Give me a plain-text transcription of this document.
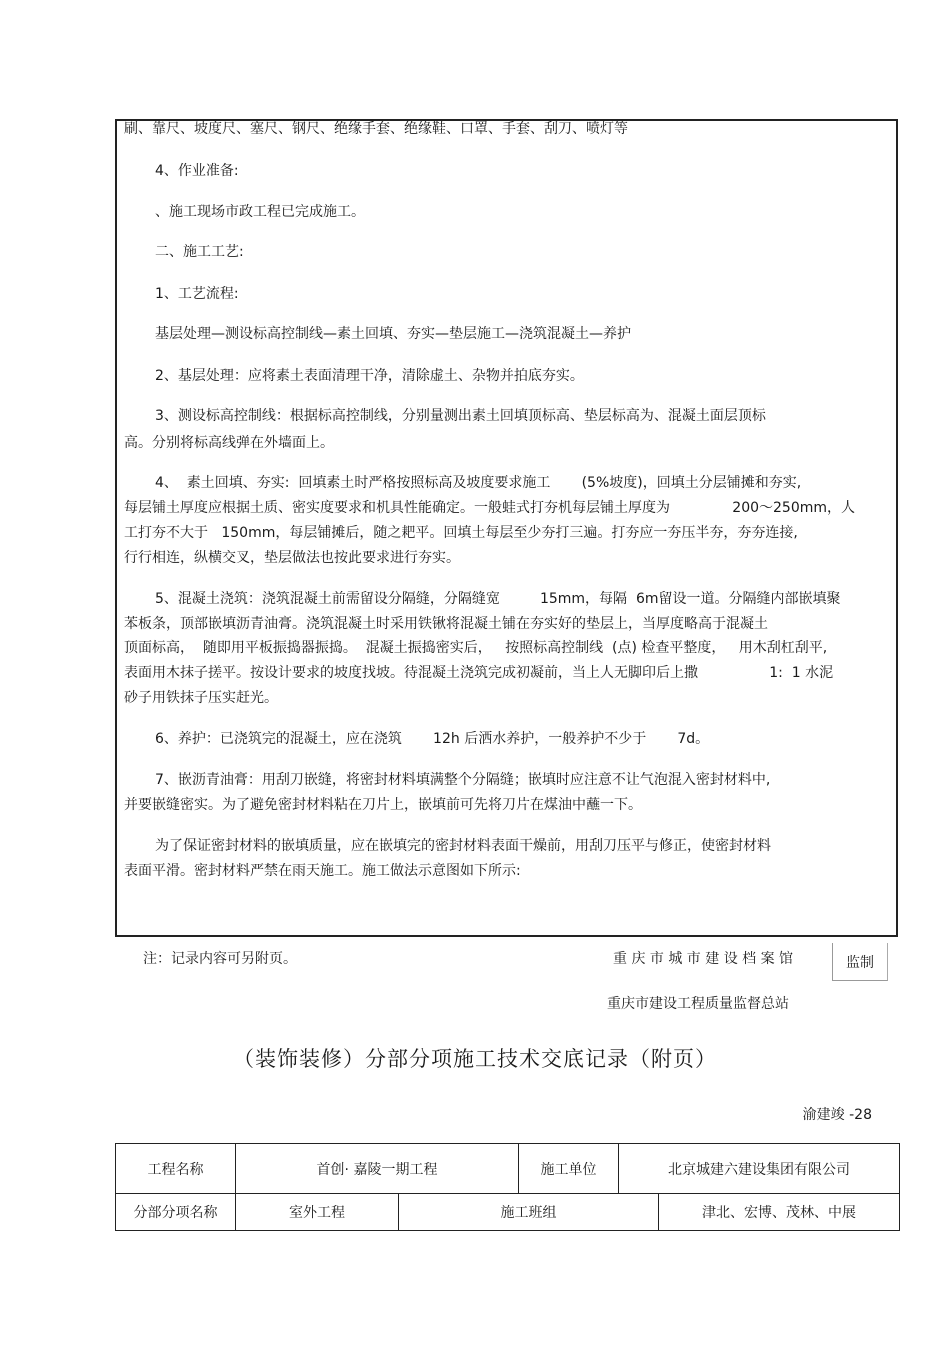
刷、靠尺、坡度尺、塞尺、钢尺、绝缘手套、绝缘鞋、口罩、手套、刮刀、喷灯等

4、作业准备:

、施工现场市政工程已完成施工。

二、施工工艺:

1、工艺流程:

基层处理—测设标高控制线—素土回填、夯实—垫层施工—浇筑混凝土—养护

2、基层处理：应将素土表面清理干净，清除虚土、杂物并拍底夯实。

3、测设标高控制线：根据标高控制线，分别量测出素土回填顶标高、垫层标高为、混凝土面层顶标

高。分别将标高线弹在外墙面上。

4、  素土回填、夯实:  回填素土时严格按照标高及坡度要求施工       (5%坡度)，回填土分层铺摊和夯实,

每层铺土厚度应根据土质、密实度要求和机具性能确定。一般蛙式打夯机每层铺土厚度为              200～250mm，人

工打夯不大于   150mm，每层铺摊后，随之耙平。回填土每层至少夯打三遍。打夯应一夯压半夯，夯夯连接,

行行相连，纵横交叉，垫层做法也按此要求进行夯实。

5、混凝土浇筑：浇筑混凝土前需留设分隔缝，分隔缝宽         15mm，每隔  6m留设一道。分隔缝内部嵌填聚

苯板条，顶部嵌填沥青油膏。浇筑混凝土时采用铁锹将混凝土铺在夯实好的垫层上，当厚度略高于混凝土

顶面标高，  随即用平板振捣器振捣。  混凝土振捣密实后，   按照标高控制线  (点) 检查平整度，   用木刮杠刮平,

表面用木抹子搓平。按设计要求的坡度找坡。待混凝土浇筑完成初凝前，当上人无脚印后上撒                1:  1 水泥

砂子用铁抹子压实赶光。

6、养护：已浇筑完的混凝土，应在浇筑       12h 后洒水养护，一般养护不少于       7d。

7、嵌沥青油膏：用刮刀嵌缝，将密封材料填满整个分隔缝；嵌填时应注意不让气泡混入密封材料中,

并要嵌缝密实。为了避免密封材料粘在刀片上，嵌填前可先将刀片在煤油中蘸一下。

为了保证密封材料的嵌填质量，应在嵌填完的密封材料表面干燥前，用刮刀压平与修正，使密封材料

表面平滑。密封材料严禁在雨天施工。施工做法示意图如下所示:

注：记录内容可另附页。	重 庆 市 城 市 建 设 档 案 馆	监制
重庆市建设工程质量监督总站
（装饰装修）分部分项施工技术交底记录（附页）
渝建竣 -28
工程名称	首创· 嘉陵一期工程		施工单位	北京城建六建设集团有限公司	
分部分项名称	室外工程	施工班组			津北、宏博、茂林、中展
